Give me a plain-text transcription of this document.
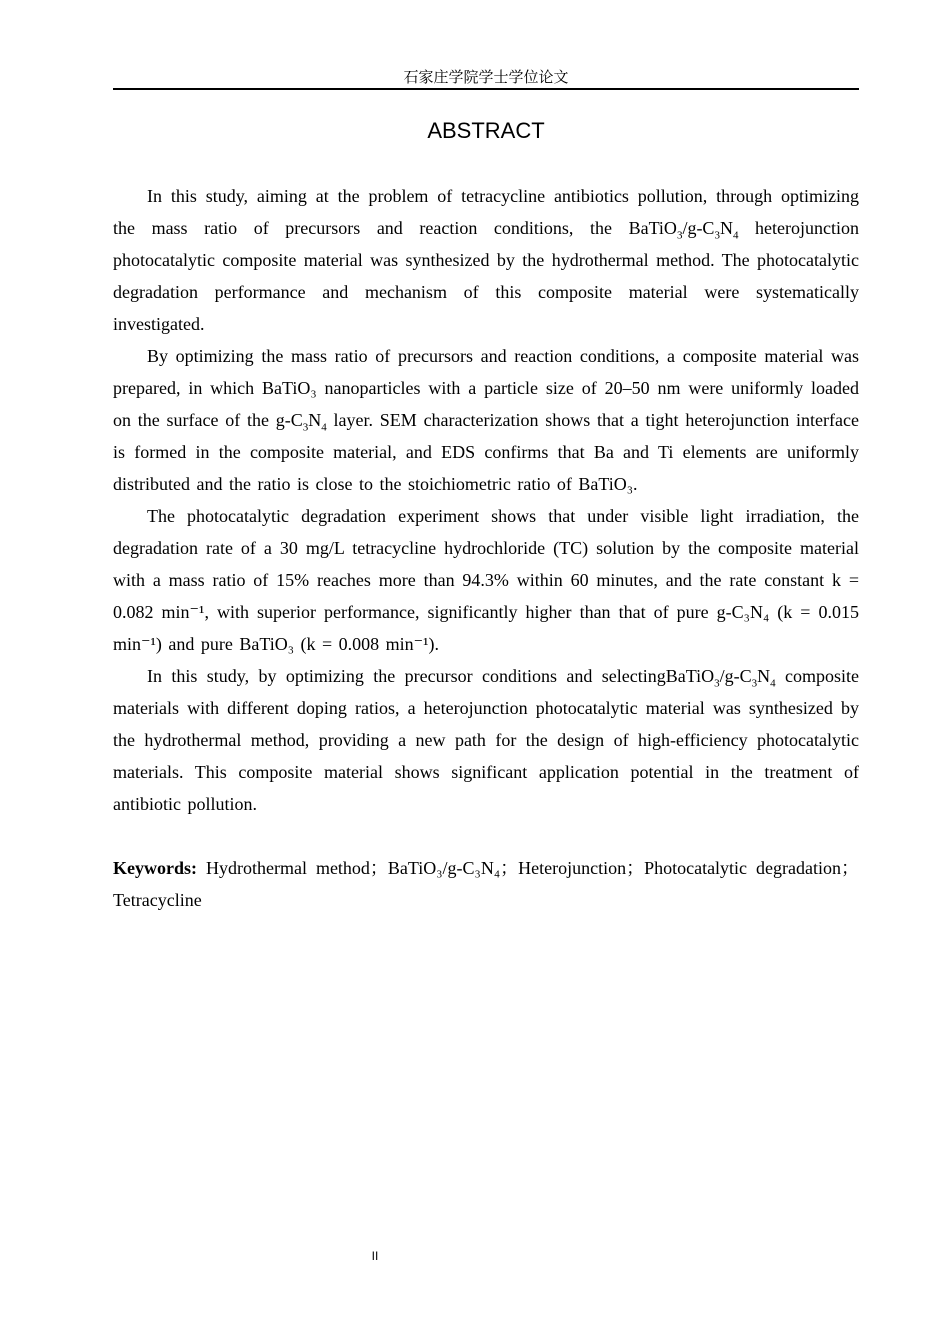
石家庄学院学士学位论文
ABSTRACT

In this study, aiming at the problem of tetracycline antibiotics pollution, through optimizing the mass ratio of precursors and reaction conditions, the $BaTiO_3/g-C_3N_4$ heterojunction photocatalytic composite material was synthesized by the hydrothermal method. The photocatalytic degradation performance and mechanism of this composite material were systematically investigated.

By optimizing the mass ratio of precursors and reaction conditions, a composite material was prepared, in which BaTiO₃ nanoparticles with a particle size of 20–50 nm were uniformly loaded on the surface of the $g-C_3N_4$ layer. SEM characterization shows that a tight heterojunction interface is formed in the composite material, and EDS confirms that Ba and Ti elements are uniformly distributed and the ratio is close to the stoichiometric ratio of BaTiO₃.

The photocatalytic degradation experiment shows that under visible light irradiation, the degradation rate of a 30 mg/L tetracycline hydrochloride (TC) solution by the composite material with a mass ratio of 15% reaches more than 94.3% within 60 minutes, and the rate constant k = 0.082 min⁻¹, with superior performance, significantly higher than that of pure g-C₃N₄ (k = 0.015 min⁻¹) and pure BaTiO₃ (k = 0.008 min⁻¹).

In this study, by optimizing the precursor conditions and $selectingBaTiO_3/g-C_3N_4$ composite materials with different doping ratios, a heterojunction photocatalytic material was synthesized by the hydrothermal method, providing a new path for the design of high-efficiency photocatalytic materials. This composite material shows significant application potential in the treatment of antibiotic pollution.

Keywords: Hydrothermal method；BaTiO₃/g-C₃N₄；Heterojunction；Photocatalytic degradation；Tetracycline

II
